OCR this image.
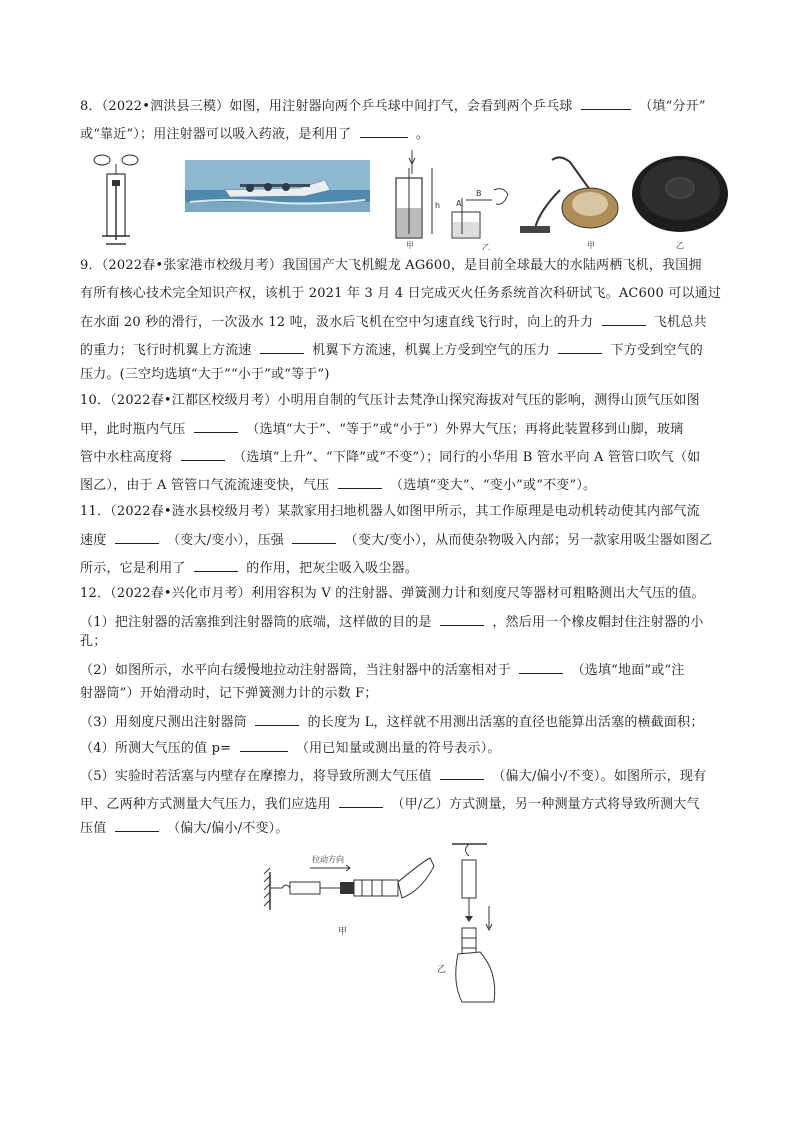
8．（2022•泗洪县三模）如图，用注射器向两个乒乓球中间打气，会看到两个乒乓球	（填“分开”
或“靠近”）；用注射器可以吸入药液，是利用了	。
h
甲
A
B
乙	甲	乙
9．（2022春•张家港市校级月考）我国国产大飞机鲲龙 AG600，是目前全球最大的水陆两栖飞机，我国拥
有所有核心技术完全知识产权，该机于 2021 年 3 月 4 日完成灭火任务系统首次科研试飞。AC600 可以通过
在水面 20 秒的滑行，一次汲水 12 吨，汲水后飞机在空中匀速直线飞行时，向上的升力	飞机总共
的重力；飞行时机翼上方流速	机翼下方流速，机翼上方受到空气的压力	下方受到空气的
压力。(三空均选填“大于”“小于”或“等于”)
10．（2022春•江都区校级月考）小明用自制的气压计去梵净山探究海拔对气压的影响，测得山顶气压如图
甲，此时瓶内气压	（选填“大于”、“等于”或“小于”）外界大气压；再将此装置移到山脚，玻璃
管中水柱高度将	（选填“上升”、“下降”或“不变”）；同行的小华用 B 管水平向 A 管管口吹气（如
图乙），由于 A 管管口气流流速变快，气压	（选填“变大”、“变小”或“不变”）。
11．（2022春•涟水县校级月考）某款家用扫地机器人如图甲所示，其工作原理是电动机转动使其内部气流
速度	（变大/变小），压强	（变大/变小），从而使杂物吸入内部；另一款家用吸尘器如图乙
所示，它是利用了	的作用，把灰尘吸入吸尘器。
12．（2022春•兴化市月考）利用容积为 V 的注射器、弹簧测力计和刻度尺等器材可粗略测出大气压的值。
（1）把注射器的活塞推到注射器筒的底端，这样做的目的是	，然后用一个橡皮帽封住注射器的小
孔；
（2）如图所示，水平向右缓慢地拉动注射器筒，当注射器中的活塞相对于	（选填“地面”或“注
射器筒”）开始滑动时，记下弹簧测力计的示数 F；
（3）用刻度尺测出注射器筒	的长度为 L，这样就不用测出活塞的直径也能算出活塞的横截面积；
（4）所测大气压的值 p=	（用已知量或测出量的符号表示）。
（5）实验时若活塞与内壁存在摩擦力，将导致所测大气压值	（偏大/偏小/不变）。如图所示，现有
甲、乙两种方式测量大气压力，我们应选用	（甲/乙）方式测量，另一种测量方式将导致所测大气
压值	（偏大/偏小/不变）。
拉动方向
甲
乙
